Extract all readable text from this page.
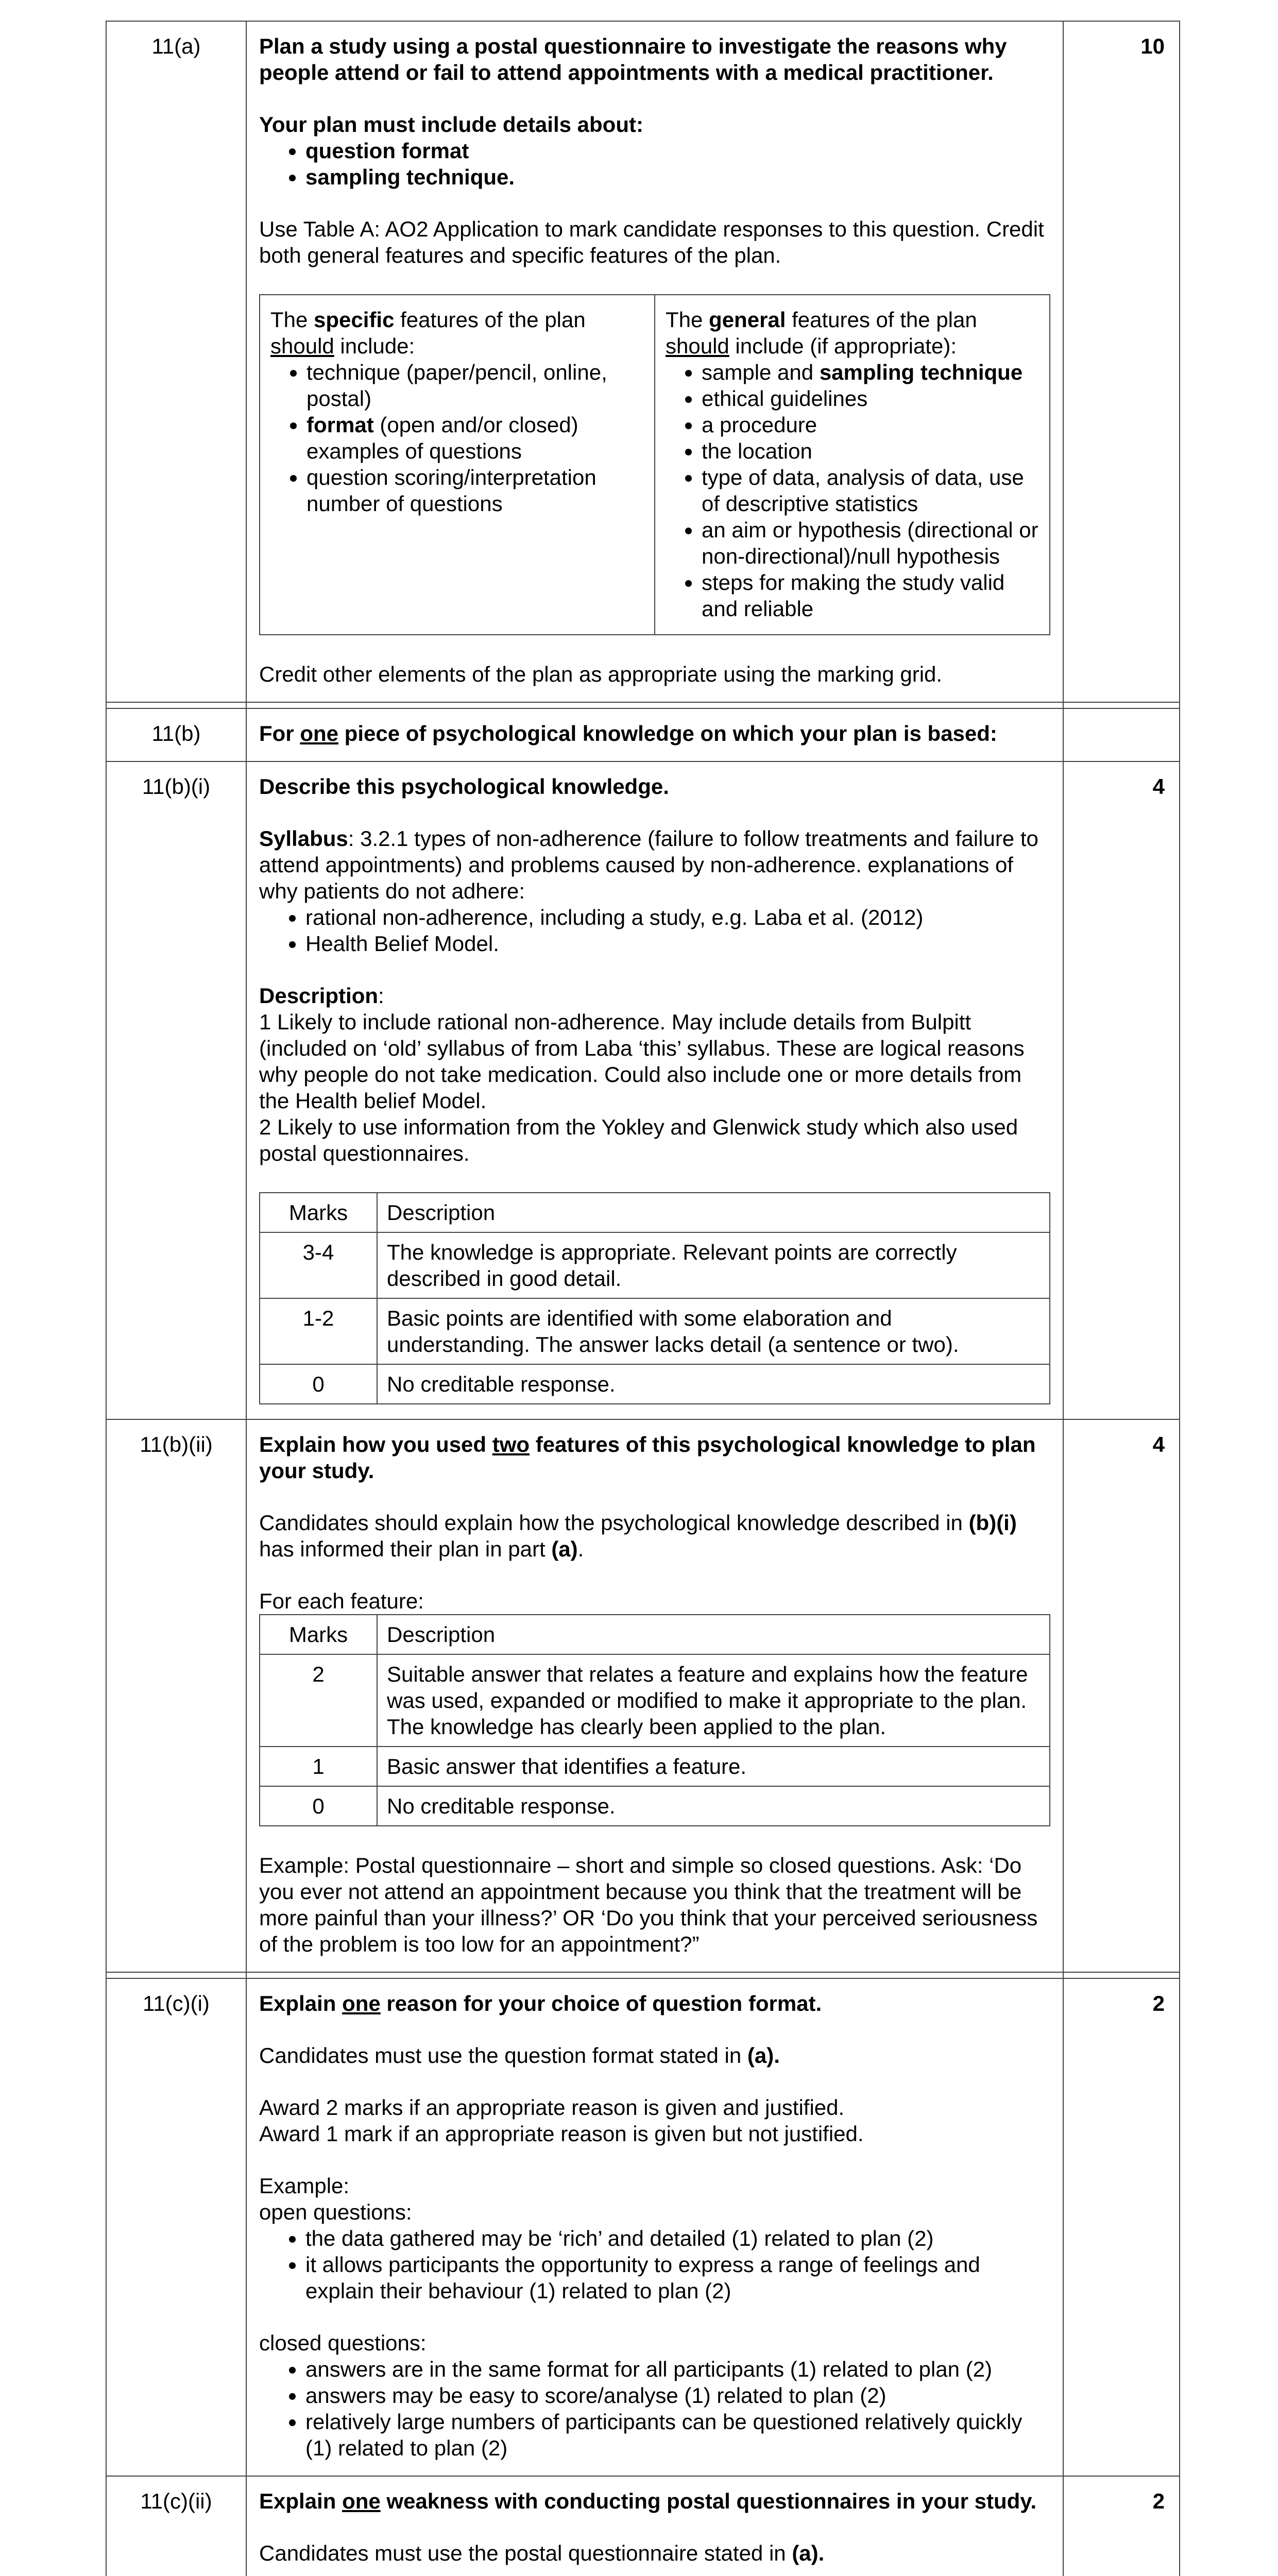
11(a)	Plan a study using a postal questionnaire to investigate the reasons why people attend or fail to attend appointments with a medical practitioner.

Your plan must include details about:
• question format
• sampling technique.

Use Table A: AO2 Application to mark candidate responses to this question. Credit both general features and specific features of the plan.

The specific features of the plan should include:
• technique (paper/pencil, online, postal)
• format (open and/or closed) examples of questions
• question scoring/interpretation number of questions

The general features of the plan should include (if appropriate):
• sample and sampling technique
• ethical guidelines
• a procedure
• the location
• type of data, analysis of data, use of descriptive statistics
• an aim or hypothesis (directional or non-directional)/null hypothesis
• steps for making the study valid and reliable

Credit other elements of the plan as appropriate using the marking grid.

	10

11(b)	For one piece of psychological knowledge on which your plan is based:

11(b)(i)	Describe this psychological knowledge.

Syllabus: 3.2.1 types of non-adherence (failure to follow treatments and failure to attend appointments) and problems caused by non-adherence. explanations of why patients do not adhere:
• rational non-adherence, including a study, e.g. Laba et al. (2012)
• Health Belief Model.
Description:
1 Likely to include rational non-adherence. May include details from Bulpitt (included on ‘old’ syllabus of from Laba ‘this’ syllabus. These are logical reasons why people do not take medication. Could also include one or more details from the Health belief Model.

2 Likely to use information from the Yokley and Glenwick study which also used postal questionnaires.

Marks	Description
3-4	The knowledge is appropriate. Relevant points are correctly described in good detail.
1-2	Basic points are identified with some elaboration and understanding. The answer lacks detail (a sentence or two).
0	No creditable response.
	4
11(b)(ii)	Explain how you used two features of this psychological knowledge to plan your study.

Candidates should explain how the psychological knowledge described in (b)(i) has informed their plan in part (a).

For each feature:
Marks	Description
2	Suitable answer that relates a feature and explains how the feature was used, expanded or modified to make it appropriate to the plan. The knowledge has clearly been applied to the plan.
1	Basic answer that identifies a feature.
0	No creditable response.

Example: Postal questionnaire – short and simple so closed questions. Ask: ‘Do you ever not attend an appointment because you think that the treatment will be more painful than your illness?’ OR ‘Do you think that your perceived seriousness of the problem is too low for an appointment?”

	4

11(c)(i)	Explain one reason for your choice of question format.

Candidates must use the question format stated in (a).

Award 2 marks if an appropriate reason is given and justified.

Award 1 mark if an appropriate reason is given but not justified.

Example:
open questions:
• the data gathered may be ‘rich’ and detailed (1) related to plan (2)
• it allows participants the opportunity to express a range of feelings and explain their behaviour (1) related to plan (2)
closed questions:
• answers are in the same format for all participants (1) related to plan (2)
• answers may be easy to score/analyse (1) related to plan (2)
• relatively large numbers of participants can be questioned relatively quickly (1) related to plan (2)
	2
11(c)(ii)	Explain one weakness with conducting postal questionnaires in your study.

Candidates must use the postal questionnaire stated in (a).

	2
